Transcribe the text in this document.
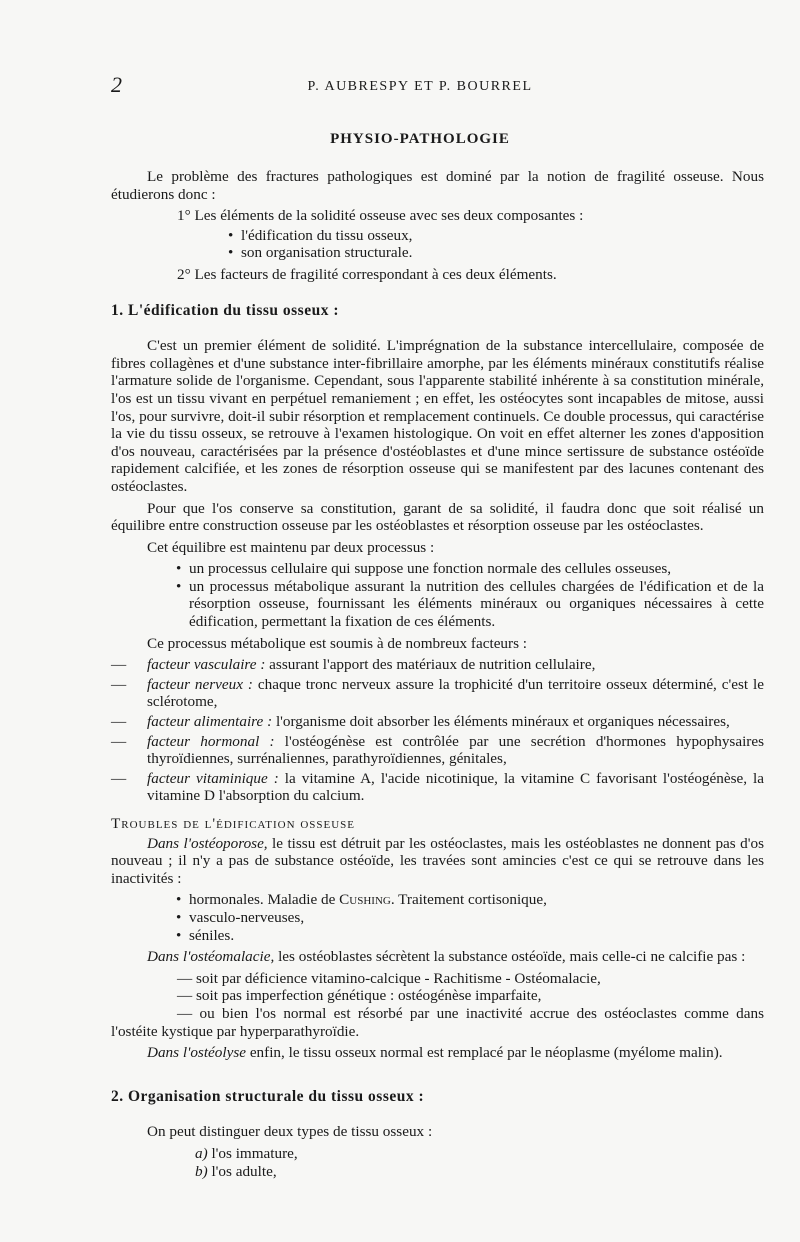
2	P. AUBRESPY ET P. BOURREL
PHYSIO-PATHOLOGIE

Le problème des fractures pathologiques est dominé par la notion de fragilité osseuse. Nous étudierons donc :

1° Les éléments de la solidité osseuse avec ses deux composantes :
• l'édification du tissu osseux,
• son organisation structurale.
2° Les facteurs de fragilité correspondant à ces deux éléments.
1. L'édification du tissu osseux :

C'est un premier élément de solidité. L'imprégnation de la substance intercellulaire, composée de fibres collagènes et d'une substance inter-fibrillaire amorphe, par les éléments minéraux constitutifs réalise l'armature solide de l'organisme. Cependant, sous l'apparente stabilité inhérente à sa constitution minérale, l'os est un tissu vivant en perpétuel remaniement ; en effet, les ostéocytes sont incapables de mitose, aussi l'os, pour survivre, doit-il subir résorption et remplacement continuels. Ce double processus, qui caractérise la vie du tissu osseux, se retrouve à l'examen histologique. On voit en effet alterner les zones d'apposition d'os nouveau, caractérisées par la présence d'ostéoblastes et d'une mince sertissure de substance ostéoïde rapidement calcifiée, et les zones de résorption osseuse qui se manifestent par des lacunes contenant des ostéoclastes.

Pour que l'os conserve sa constitution, garant de sa solidité, il faudra donc que soit réalisé un équilibre entre construction osseuse par les ostéoblastes et résorption osseuse par les ostéoclastes.

Cet équilibre est maintenu par deux processus :

• un processus cellulaire qui suppose une fonction normale des cellules osseuses,
• un processus métabolique assurant la nutrition des cellules chargées de l'édification et de la résorption osseuse, fournissant les éléments minéraux ou organiques nécessaires à cette édification, permettant la fixation de ces éléments.

Ce processus métabolique est soumis à de nombreux facteurs :

— facteur vasculaire : assurant l'apport des matériaux de nutrition cellulaire,
— facteur nerveux : chaque tronc nerveux assure la trophicité d'un territoire osseux déterminé, c'est le sclérotome,
— facteur alimentaire : l'organisme doit absorber les éléments minéraux et organiques nécessaires,
— facteur hormonal : l'ostéogénèse est contrôlée par une secrétion d'hormones hypophysaires thyroïdiennes, surrénaliennes, parathyroïdiennes, génitales,
— facteur vitaminique : la vitamine A, l'acide nicotinique, la vitamine C favorisant l'ostéogénèse, la vitamine D l'absorption du calcium.
Troubles de l'édification osseuse

Dans l'ostéoporose, le tissu est détruit par les ostéoclastes, mais les ostéoblastes ne donnent pas d'os nouveau ; il n'y a pas de substance ostéoïde, les travées sont amincies c'est ce qui se retrouve dans les inactivités :

• hormonales. Maladie de Cushing. Traitement cortisonique,
• vasculo-nerveuses,
• séniles.

Dans l'ostéomalacie, les ostéoblastes sécrètent la substance ostéoïde, mais celle-ci ne calcifie pas :

— soit par déficience vitamino-calcique - Rachitisme - Ostéomalacie,
— soit pas imperfection génétique : ostéogénèse imparfaite,
— ou bien l'os normal est résorbé par une inactivité accrue des ostéoclastes comme dans l'ostéite kystique par hyperparathyroïdie.

Dans l'ostéolyse enfin, le tissu osseux normal est remplacé par le néoplasme (myélome malin).

2. Organisation structurale du tissu osseux :

On peut distinguer deux types de tissu osseux :

a) l'os immature,
b) l'os adulte,
